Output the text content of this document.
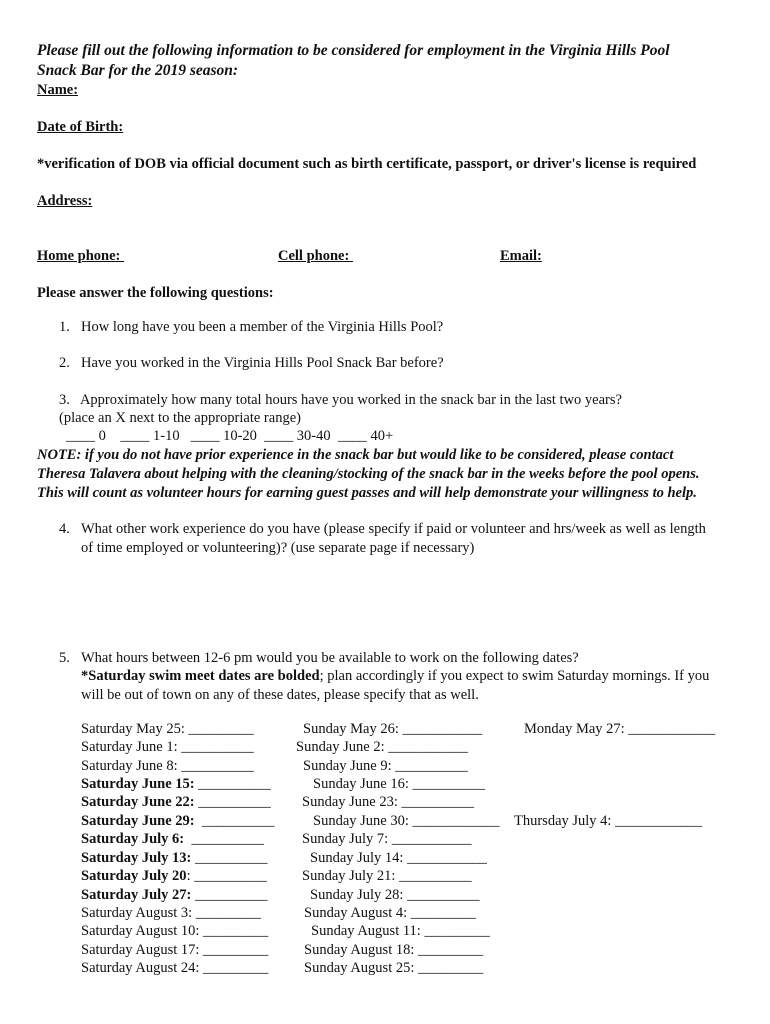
Please fill out the following information to be considered for employment in the Virginia Hills Pool
Snack Bar for the 2019 season:
Name:
Date of Birth:
*verification of DOB via official document such as birth certificate, passport, or driver's license is required
Address:
Home phone:	Cell phone:	Email:
Please answer the following questions:
1. How long have you been a member of the Virginia Hills Pool?
2. Have you worked in the Virginia Hills Pool Snack Bar before?
3.   Approximately how many total hours have you worked in the snack bar in the last two years?
(place an X next to the appropriate range)
____ 0    ____ 1-10   ____ 10-20  ____ 30-40  ____ 40+
NOTE: if you do not have prior experience in the snack bar but would like to be considered, please contact
Theresa Talavera about helping with the cleaning/stocking of the snack bar in the weeks before the pool opens.
This will count as volunteer hours for earning guest passes and will help demonstrate your willingness to help.
4. What other work experience do you have (please specify if paid or volunteer and hrs/week as well as length
of time employed or volunteering)? (use separate page if necessary)
5. What hours between 12-6 pm would you be available to work on the following dates?
*Saturday swim meet dates are bolded; plan accordingly if you expect to swim Saturday mornings. If you
will be out of town on any of these dates, please specify that as well.
Saturday May 25: _________
Saturday June 1: __________
Saturday June 8: __________
Saturday June 15: __________
Saturday June 22: __________
Saturday June 29:  __________
Saturday July 6:  __________
Saturday July 13: __________
Saturday July 20: __________
Saturday July 27: __________
Saturday August 3: _________
Saturday August 10: _________
Saturday August 17: _________
Saturday August 24: _________
Sunday May 26: ___________
Sunday June 2: ___________
Sunday June 9: __________
Sunday June 16: __________
Sunday June 23: __________
Sunday June 30: ____________
Sunday July 7: ___________
Sunday July 14: ___________
Sunday July 21: __________
Sunday July 28: __________
Sunday August 4: _________
Sunday August 11: _________
Sunday August 18: _________
Sunday August 25: _________
Monday May 27: ____________
Thursday July 4: ____________
